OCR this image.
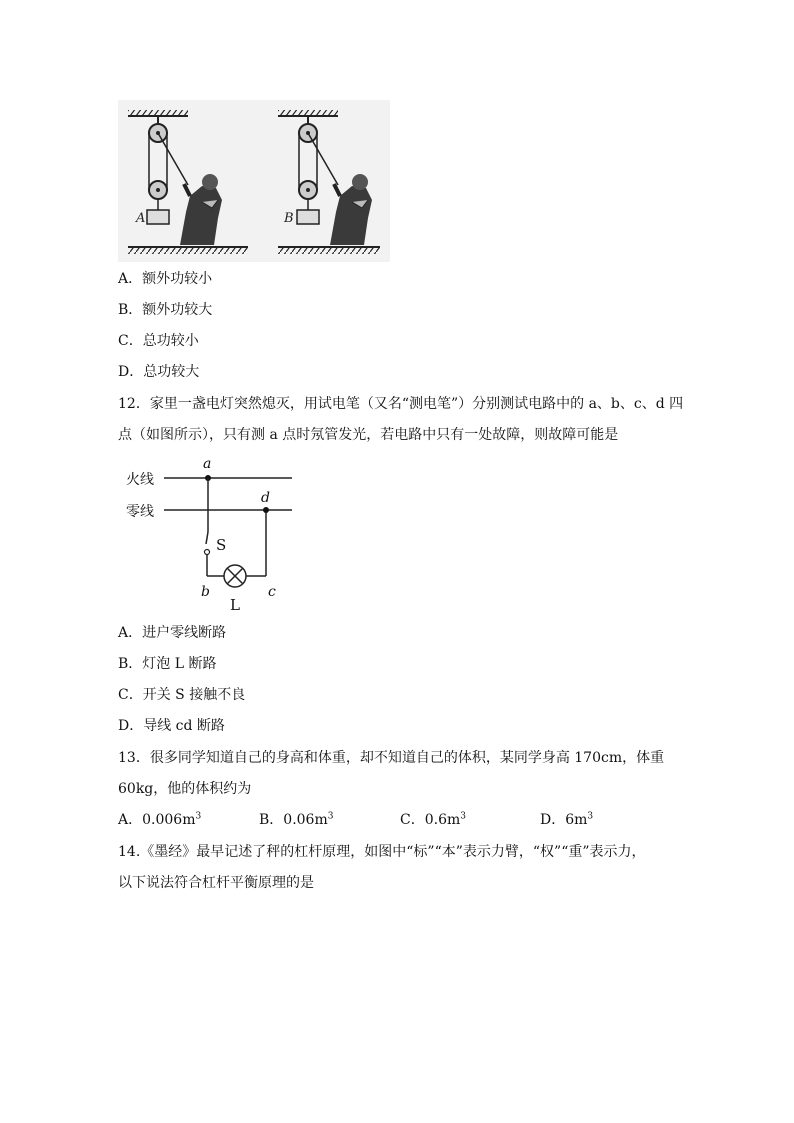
A	B
A．额外功较小
B．额外功较大
C．总功较小
D．总功较大
12．家里一盏电灯突然熄灭，用试电笔（又名“测电笔”）分别测试电路中的 a、b、c、d 四
点（如图所示），只有测 a 点时氖管发光，若电路中只有一处故障，则故障可能是
火线
零线
a
S
d
b	c
L
A．进户零线断路
B．灯泡 L 断路
C．开关 S 接触不良
D．导线 cd 断路
13．很多同学知道自己的身高和体重，却不知道自己的体积，某同学身高 170cm，体重
60kg，他的体积约为
A．$0.006m^3$	B．$0.06m^3$	C．$0.6m^3$	D．$6m^3$
14.《墨经》最早记述了秤的杠杆原理，如图中“标”“本”表示力臂，“权”“重”表示力，
以下说法符合杠杆平衡原理的是
